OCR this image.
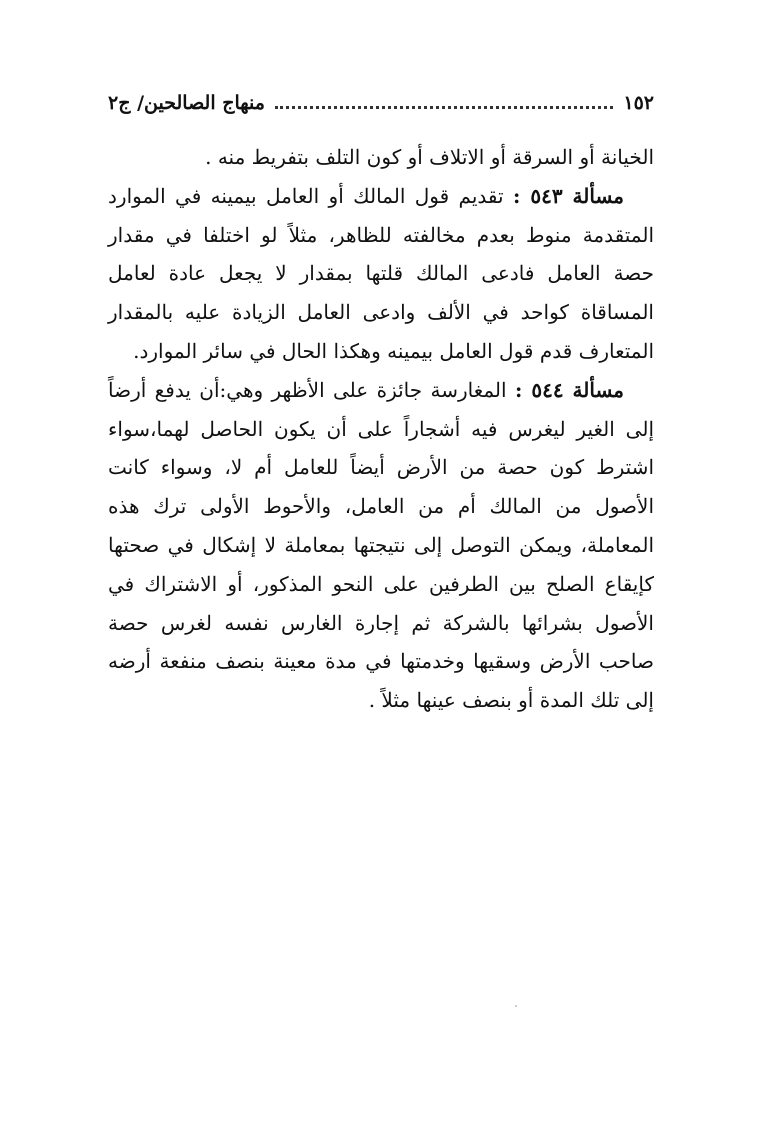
١٥٢
منهاج الصالحين/ ج٢

الخيانة أو السرقة أو الاتلاف أو كون التلف بتفريط منه .

مسألة ٥٤٣ : تقديم قول المالك أو العامل بيمينه في الموارد المتقدمة منوط بعدم مخالفته للظاهر، مثلاً لو اختلفا في مقدار حصة العامل فادعى المالك قلتها بمقدار لا يجعل عادة لعامل المساقاة كواحد في الألف وادعى العامل الزيادة عليه بالمقدار المتعارف قدم قول العامل بيمينه وهكذا الحال في سائر الموارد.

مسألة ٥٤٤ : المغارسة جائزة على الأظهر وهي:أن يدفع أرضاً إلى الغير ليغرس فيه أشجاراً على أن يكون الحاصل لهما،سواء اشترط كون حصة من الأرض أيضاً للعامل أم لا، وسواء كانت الأصول من المالك أم من العامل، والأحوط الأولى ترك هذه المعاملة، ويمكن التوصل إلى نتيجتها بمعاملة لا إشكال في صحتها كإيقاع الصلح بين الطرفين على النحو المذكور، أو الاشتراك في الأصول بشرائها بالشركة ثم إجارة الغارس نفسه لغرس حصة صاحب الأرض وسقيها وخدمتها في مدة معينة بنصف منفعة أرضه إلى تلك المدة أو بنصف عينها مثلاً .
